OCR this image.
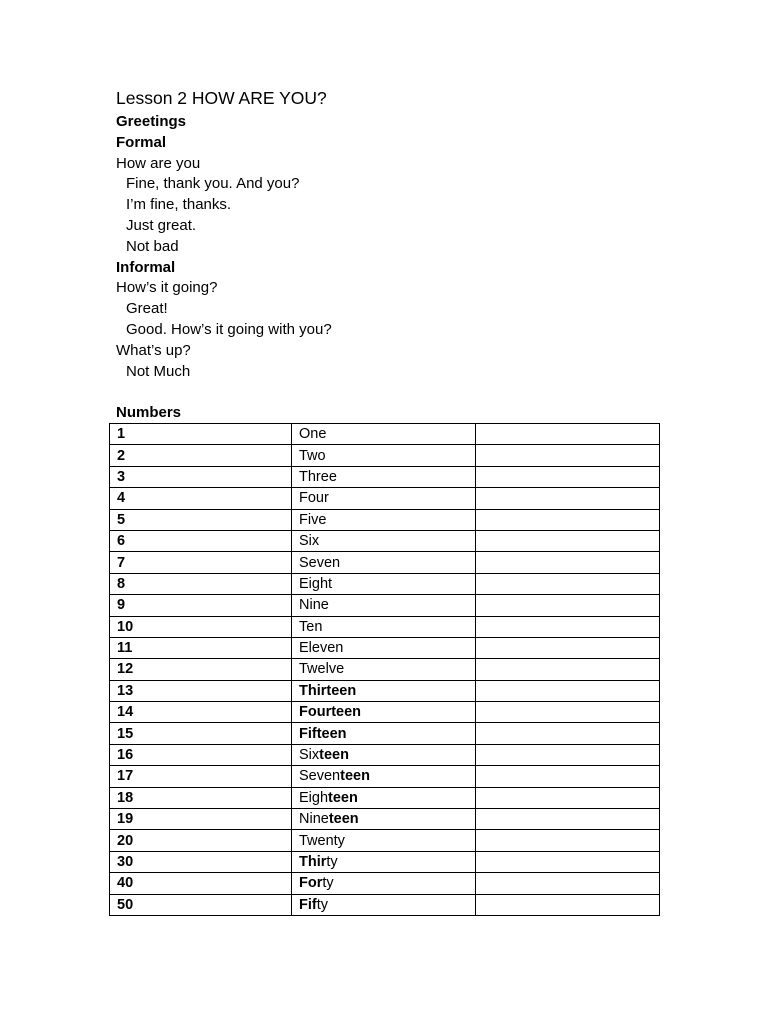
Lesson 2 HOW ARE YOU?
Greetings
Formal
How are you
Fine, thank you. And you?
I’m fine, thanks.
Just great.
Not bad
Informal
How’s it going?
Great!
Good. How’s it going with you?
What’s up?
Not Much
Numbers
1	One	
2	Two	
3	Three	
4	Four	
5	Five	
6	Six	
7	Seven	
8	Eight	
9	Nine	
10	Ten	
11	Eleven	
12	Twelve	
13	Thirteen	
14	Fourteen	
15	Fifteen	
16	Sixteen	
17	Seventeen	
18	Eighteen	
19	Nineteen	
20	Twenty	
30	Thirty	
40	Forty	
50	Fifty	
